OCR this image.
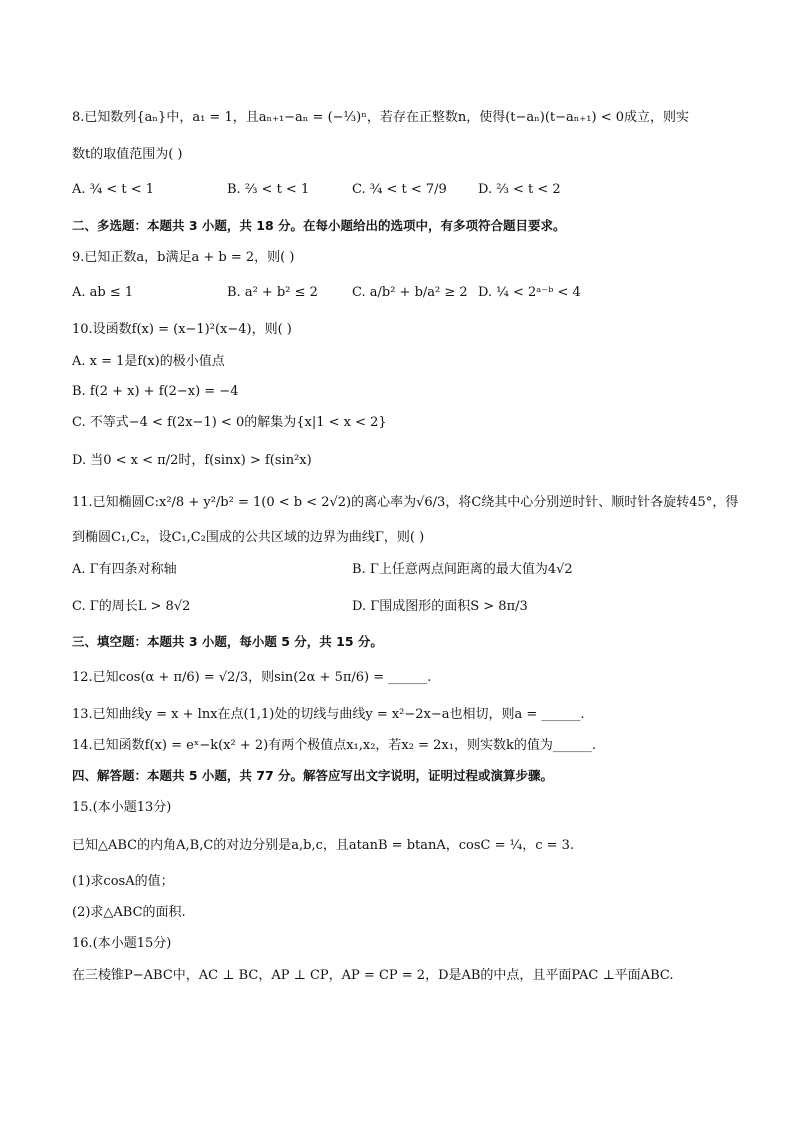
8.已知数列{aₙ}中，a₁ = 1，且aₙ₊₁−aₙ = (−⅓)ⁿ，若存在正整数n，使得(t−aₙ)(t−aₙ₊₁) < 0成立，则实
数t的取值范围为( )
A. ¾ < t < 1	B. ⅔ < t < 1	C. ¾ < t < 7/9 D. ⅔ < t < 2
二、多选题：本题共 3 小题，共 18 分。在每小题给出的选项中，有多项符合题目要求。
9.已知正数a，b满足a + b = 2，则( )
A. ab ≤ 1	B. a² + b² ≤ 2	C. a/b² + b/a² ≥ 2 D. ¼ < 2ᵃ⁻ᵇ < 4
10.设函数f(x) = (x−1)²(x−4)，则( )
A. x = 1是f(x)的极小值点
B. f(2 + x) + f(2−x) = −4
C. 不等式−4 < f(2x−1) < 0的解集为{x|1 < x < 2}
D. 当0 < x < π/2时，f(sinx) > f(sin²x)
11.已知椭圆C:x²/8 + y²/b² = 1(0 < b < 2√2)的离心率为√6/3，将C绕其中心分别逆时针、顺时针各旋转45°，得
到椭圆C₁,C₂，设C₁,C₂围成的公共区域的边界为曲线Γ，则( )
A. Γ有四条对称轴	B. Γ上任意两点间距离的最大值为4√2
C. Γ的周长L > 8√2	D. Γ围成图形的面积S > 8π/3
三、填空题：本题共 3 小题，每小题 5 分，共 15 分。
12.已知cos(α + π/6) = √2/3，则sin(2α + 5π/6) = ______.
13.已知曲线y = x + lnx在点(1,1)处的切线与曲线y = x²−2x−a也相切，则a = ______.
14.已知函数f(x) = eˣ−k(x² + 2)有两个极值点x₁,x₂，若x₂ = 2x₁，则实数k的值为______.
四、解答题：本题共 5 小题，共 77 分。解答应写出文字说明，证明过程或演算步骤。
15.(本小题13分)
已知△ABC的内角A,B,C的对边分别是a,b,c，且atanB = btanA，cosC = ¼，c = 3.
(1)求cosA的值；
(2)求△ABC的面积.
16.(本小题15分)
在三棱锥P−ABC中，AC ⊥ BC，AP ⊥ CP，AP = CP = 2，D是AB的中点，且平面PAC ⊥平面ABC.
